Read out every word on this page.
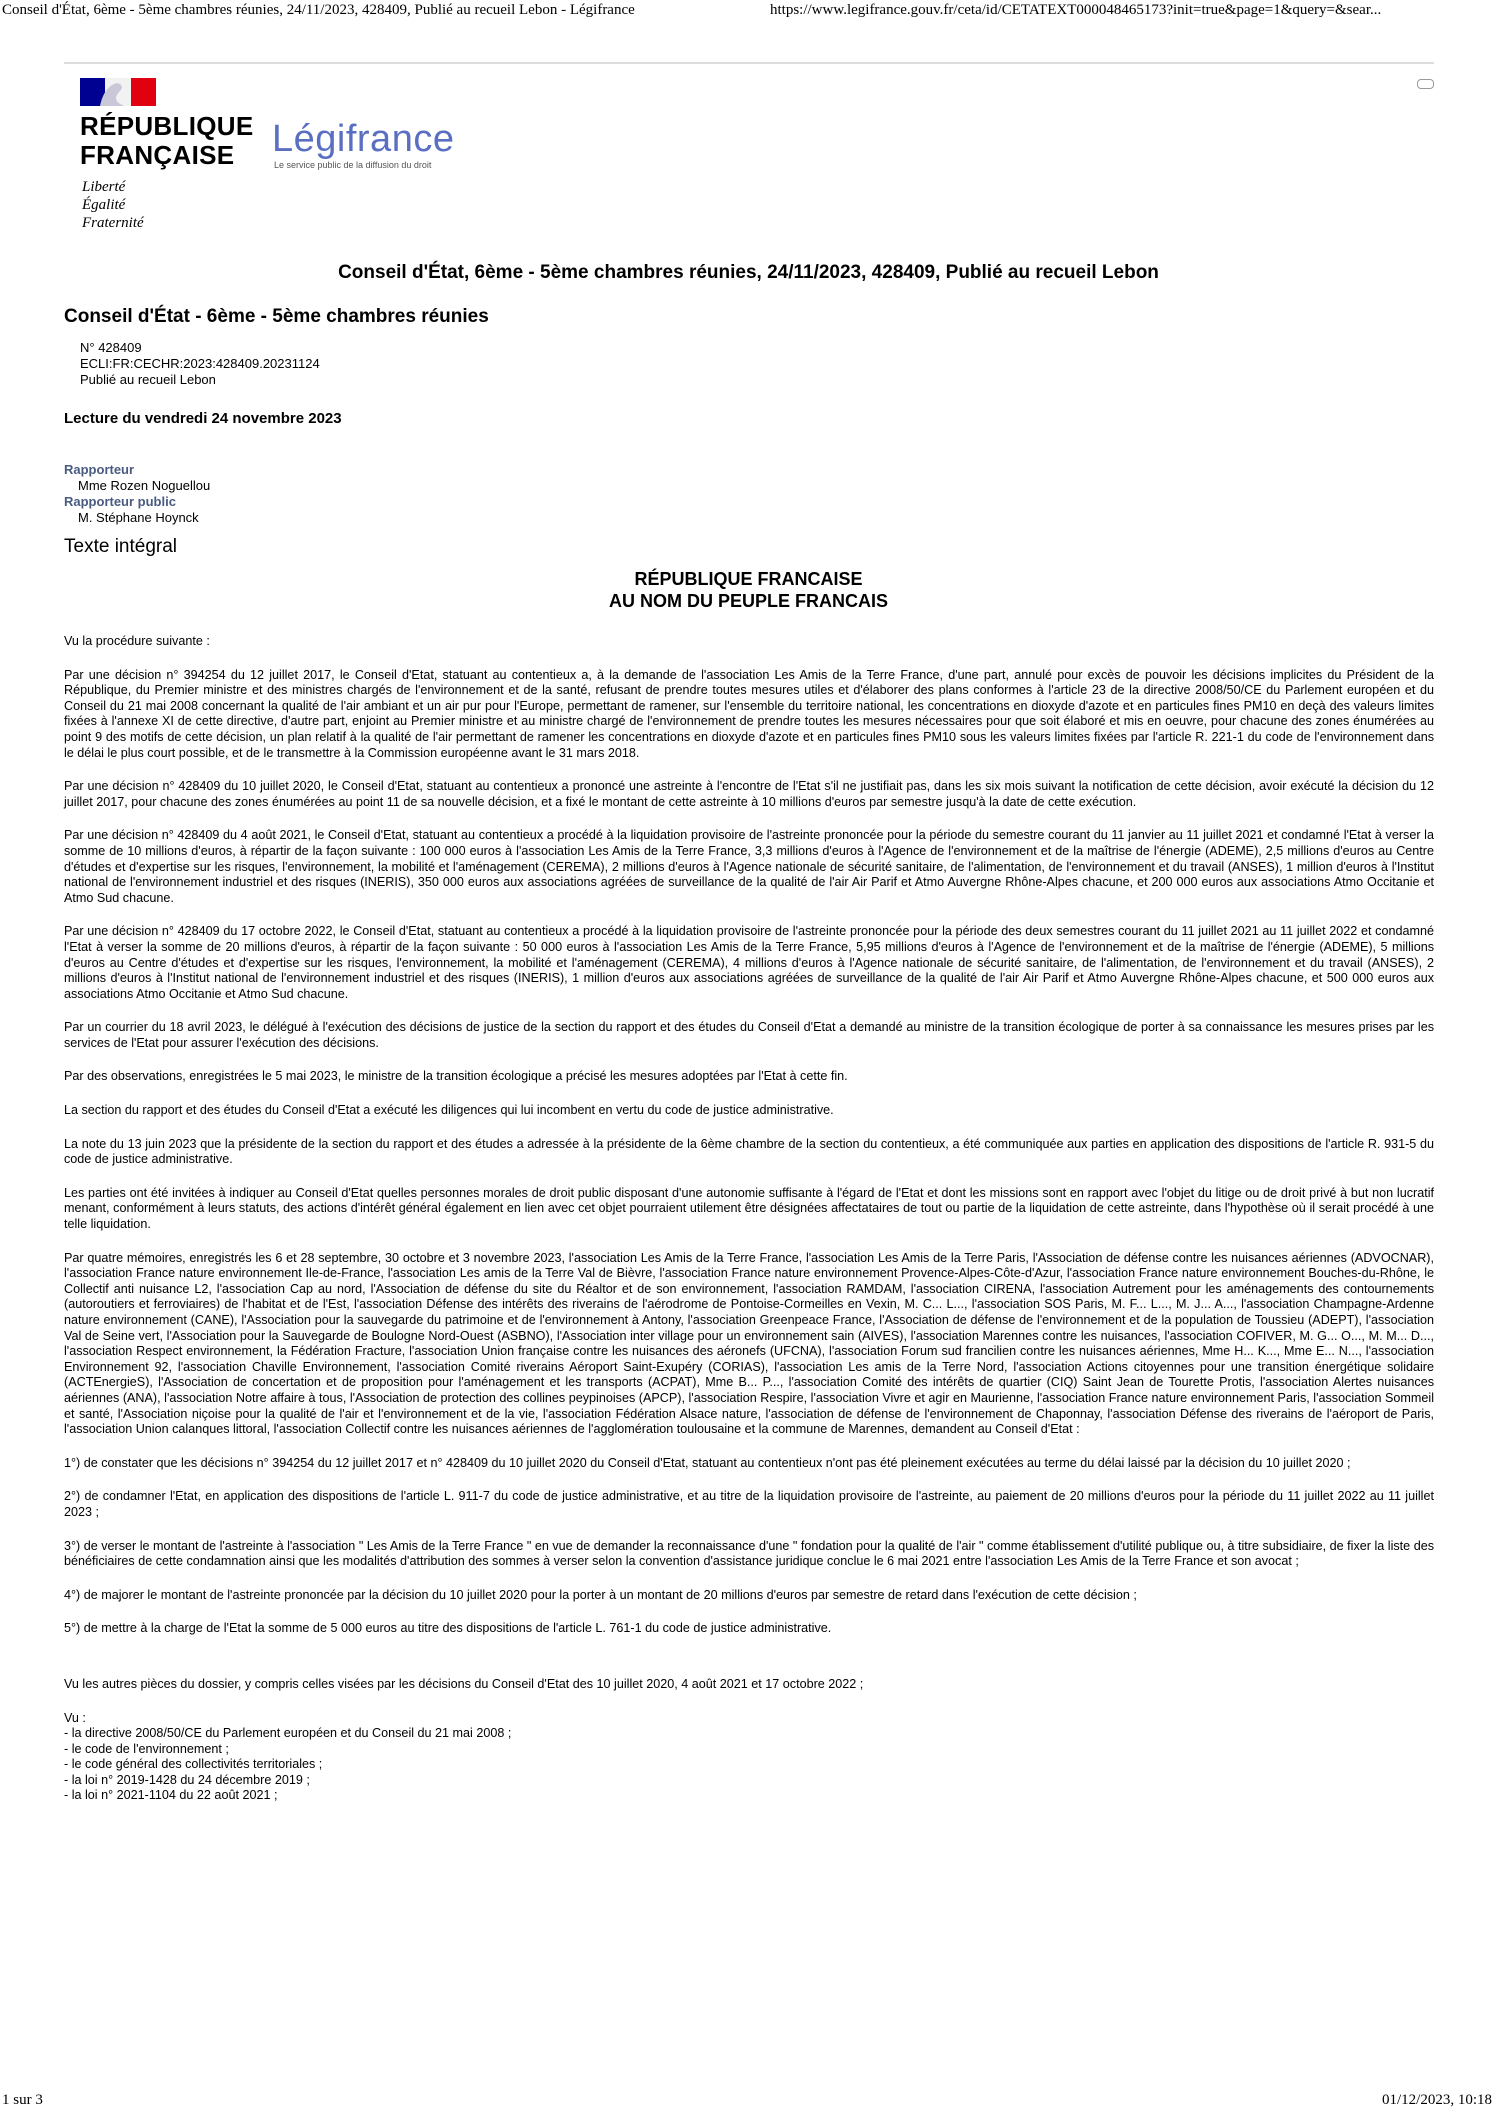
Conseil d'État, 6ème - 5ème chambres réunies, 24/11/2023, 428409, Publié au recueil Lebon - Légifrance	https://www.legifrance.gouv.fr/ceta/id/CETATEXT000048465173?init=true&page=1&query=&sear...
RÉPUBLIQUE
FRANÇAISE
Liberté
Égalité
Fraternité
Légifrance
Le service public de la diffusion du droit
Conseil d'État, 6ème - 5ème chambres réunies, 24/11/2023, 428409, Publié au recueil Lebon
Conseil d'État - 6ème - 5ème chambres réunies
N° 428409
ECLI:FR:CECHR:2023:428409.20231124
Publié au recueil Lebon
Lecture du vendredi 24 novembre 2023
Rapporteur
Mme Rozen Noguellou
Rapporteur public
M. Stéphane Hoynck
Texte intégral
RÉPUBLIQUE FRANCAISE
AU NOM DU PEUPLE FRANCAIS

Vu la procédure suivante :

Par une décision n° 394254 du 12 juillet 2017, le Conseil d'Etat, statuant au contentieux a, à la demande de l'association Les Amis de la Terre France, d'une part, annulé pour excès de pouvoir les décisions implicites du Président de la République, du Premier ministre et des ministres chargés de l'environnement et de la santé, refusant de prendre toutes mesures utiles et d'élaborer des plans conformes à l'article 23 de la directive 2008/50/CE du Parlement européen et du Conseil du 21 mai 2008 concernant la qualité de l'air ambiant et un air pur pour l'Europe, permettant de ramener, sur l'ensemble du territoire national, les concentrations en dioxyde d'azote et en particules fines PM10 en deçà des valeurs limites fixées à l'annexe XI de cette directive, d'autre part, enjoint au Premier ministre et au ministre chargé de l'environnement de prendre toutes les mesures nécessaires pour que soit élaboré et mis en oeuvre, pour chacune des zones énumérées au point 9 des motifs de cette décision, un plan relatif à la qualité de l'air permettant de ramener les concentrations en dioxyde d'azote et en particules fines PM10 sous les valeurs limites fixées par l'article R. 221-1 du code de l'environnement dans le délai le plus court possible, et de le transmettre à la Commission européenne avant le 31 mars 2018.

Par une décision n° 428409 du 10 juillet 2020, le Conseil d'Etat, statuant au contentieux a prononcé une astreinte à l'encontre de l'Etat s'il ne justifiait pas, dans les six mois suivant la notification de cette décision, avoir exécuté la décision du 12 juillet 2017, pour chacune des zones énumérées au point 11 de sa nouvelle décision, et a fixé le montant de cette astreinte à 10 millions d'euros par semestre jusqu'à la date de cette exécution.

Par une décision n° 428409 du 4 août 2021, le Conseil d'Etat, statuant au contentieux a procédé à la liquidation provisoire de l'astreinte prononcée pour la période du semestre courant du 11 janvier au 11 juillet 2021 et condamné l'Etat à verser la somme de 10 millions d'euros, à répartir de la façon suivante : 100 000 euros à l'association Les Amis de la Terre France, 3,3 millions d'euros à l'Agence de l'environnement et de la maîtrise de l'énergie (ADEME), 2,5 millions d'euros au Centre d'études et d'expertise sur les risques, l'environnement, la mobilité et l'aménagement (CEREMA), 2 millions d'euros à l'Agence nationale de sécurité sanitaire, de l'alimentation, de l'environnement et du travail (ANSES), 1 million d'euros à l'Institut national de l'environnement industriel et des risques (INERIS), 350 000 euros aux associations agréées de surveillance de la qualité de l'air Air Parif et Atmo Auvergne Rhône-Alpes chacune, et 200 000 euros aux associations Atmo Occitanie et Atmo Sud chacune.

Par une décision n° 428409 du 17 octobre 2022, le Conseil d'Etat, statuant au contentieux a procédé à la liquidation provisoire de l'astreinte prononcée pour la période des deux semestres courant du 11 juillet 2021 au 11 juillet 2022 et condamné l'Etat à verser la somme de 20 millions d'euros, à répartir de la façon suivante : 50 000 euros à l'association Les Amis de la Terre France, 5,95 millions d'euros à l'Agence de l'environnement et de la maîtrise de l'énergie (ADEME), 5 millions d'euros au Centre d'études et d'expertise sur les risques, l'environnement, la mobilité et l'aménagement (CEREMA), 4 millions d'euros à l'Agence nationale de sécurité sanitaire, de l'alimentation, de l'environnement et du travail (ANSES), 2 millions d'euros à l'Institut national de l'environnement industriel et des risques (INERIS), 1 million d'euros aux associations agréées de surveillance de la qualité de l'air Air Parif et Atmo Auvergne Rhône-Alpes chacune, et 500 000 euros aux associations Atmo Occitanie et Atmo Sud chacune.

Par un courrier du 18 avril 2023, le délégué à l'exécution des décisions de justice de la section du rapport et des études du Conseil d'Etat a demandé au ministre de la transition écologique de porter à sa connaissance les mesures prises par les services de l'Etat pour assurer l'exécution des décisions.

Par des observations, enregistrées le 5 mai 2023, le ministre de la transition écologique a précisé les mesures adoptées par l'Etat à cette fin.

La section du rapport et des études du Conseil d'Etat a exécuté les diligences qui lui incombent en vertu du code de justice administrative.

La note du 13 juin 2023 que la présidente de la section du rapport et des études a adressée à la présidente de la 6ème chambre de la section du contentieux, a été communiquée aux parties en application des dispositions de l'article R. 931-5 du code de justice administrative.

Les parties ont été invitées à indiquer au Conseil d'Etat quelles personnes morales de droit public disposant d'une autonomie suffisante à l'égard de l'Etat et dont les missions sont en rapport avec l'objet du litige ou de droit privé à but non lucratif menant, conformément à leurs statuts, des actions d'intérêt général également en lien avec cet objet pourraient utilement être désignées affectataires de tout ou partie de la liquidation de cette astreinte, dans l'hypothèse où il serait procédé à une telle liquidation.

Par quatre mémoires, enregistrés les 6 et 28 septembre, 30 octobre et 3 novembre 2023, l'association Les Amis de la Terre France, l'association Les Amis de la Terre Paris, l'Association de défense contre les nuisances aériennes (ADVOCNAR), l'association France nature environnement Ile-de-France, l'association Les amis de la Terre Val de Bièvre, l'association France nature environnement Provence-Alpes-Côte-d'Azur, l'association France nature environnement Bouches-du-Rhône, le Collectif anti nuisance L2, l'association Cap au nord, l'Association de défense du site du Réaltor et de son environnement, l'association RAMDAM, l'association CIRENA, l'association Autrement pour les aménagements des contournements (autoroutiers et ferroviaires) de l'habitat et de l'Est, l'association Défense des intérêts des riverains de l'aérodrome de Pontoise-Cormeilles en Vexin, M. C... L..., l'association SOS Paris, M. F... L..., M. J... A..., l'association Champagne-Ardenne nature environnement (CANE), l'Association pour la sauvegarde du patrimoine et de l'environnement à Antony, l'association Greenpeace France, l'Association de défense de l'environnement et de la population de Toussieu (ADEPT), l'association Val de Seine vert, l'Association pour la Sauvegarde de Boulogne Nord-Ouest (ASBNO), l'Association inter village pour un environnement sain (AIVES), l'association Marennes contre les nuisances, l'association COFIVER, M. G... O..., M. M... D..., l'association Respect environnement, la Fédération Fracture, l'association Union française contre les nuisances des aéronefs (UFCNA), l'association Forum sud francilien contre les nuisances aériennes, Mme H... K..., Mme E... N..., l'association Environnement 92, l'association Chaville Environnement, l'association Comité riverains Aéroport Saint-Exupéry (CORIAS), l'association Les amis de la Terre Nord, l'association Actions citoyennes pour une transition énergétique solidaire (ACTEnergieS), l'Association de concertation et de proposition pour l'aménagement et les transports (ACPAT), Mme B... P..., l'association Comité des intérêts de quartier (CIQ) Saint Jean de Tourette Protis, l'association Alertes nuisances aériennes (ANA), l'association Notre affaire à tous, l'Association de protection des collines peypinoises (APCP), l'association Respire, l'association Vivre et agir en Maurienne, l'association France nature environnement Paris, l'association Sommeil et santé, l'Association niçoise pour la qualité de l'air et l'environnement et de la vie, l'association Fédération Alsace nature, l'association de défense de l'environnement de Chaponnay, l'association Défense des riverains de l'aéroport de Paris, l'association Union calanques littoral, l'association Collectif contre les nuisances aériennes de l'agglomération toulousaine et la commune de Marennes, demandent au Conseil d'Etat :

1°) de constater que les décisions n° 394254 du 12 juillet 2017 et n° 428409 du 10 juillet 2020 du Conseil d'Etat, statuant au contentieux n'ont pas été pleinement exécutées au terme du délai laissé par la décision du 10 juillet 2020 ;

2°) de condamner l'Etat, en application des dispositions de l'article L. 911-7 du code de justice administrative, et au titre de la liquidation provisoire de l'astreinte, au paiement de 20 millions d'euros pour la période du 11 juillet 2022 au 11 juillet 2023 ;

3°) de verser le montant de l'astreinte à l'association " Les Amis de la Terre France " en vue de demander la reconnaissance d'une " fondation pour la qualité de l'air " comme établissement d'utilité publique ou, à titre subsidiaire, de fixer la liste des bénéficiaires de cette condamnation ainsi que les modalités d'attribution des sommes à verser selon la convention d'assistance juridique conclue le 6 mai 2021 entre l'association Les Amis de la Terre France et son avocat ;

4°) de majorer le montant de l'astreinte prononcée par la décision du 10 juillet 2020 pour la porter à un montant de 20 millions d'euros par semestre de retard dans l'exécution de cette décision ;

5°) de mettre à la charge de l'Etat la somme de 5 000 euros au titre des dispositions de l'article L. 761-1 du code de justice administrative.

Vu les autres pièces du dossier, y compris celles visées par les décisions du Conseil d'Etat des 10 juillet 2020, 4 août 2021 et 17 octobre 2022 ;

Vu :
- la directive 2008/50/CE du Parlement européen et du Conseil du 21 mai 2008 ;
- le code de l'environnement ;
- le code général des collectivités territoriales ;
- la loi n° 2019-1428 du 24 décembre 2019 ;
- la loi n° 2021-1104 du 22 août 2021 ;

1 sur 3	01/12/2023, 10:18
